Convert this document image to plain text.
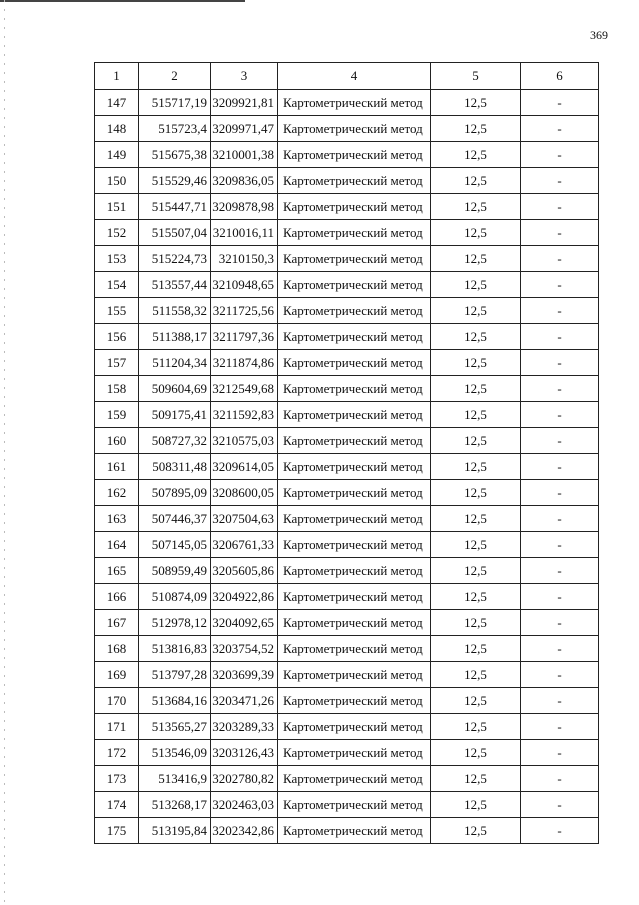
369
1	2	3	4	5	6
147	515717,19	3209921,81	Картометрический метод	12,5	-
148	515723,4	3209971,47	Картометрический метод	12,5	-
149	515675,38	3210001,38	Картометрический метод	12,5	-
150	515529,46	3209836,05	Картометрический метод	12,5	-
151	515447,71	3209878,98	Картометрический метод	12,5	-
152	515507,04	3210016,11	Картометрический метод	12,5	-
153	515224,73	3210150,3	Картометрический метод	12,5	-
154	513557,44	3210948,65	Картометрический метод	12,5	-
155	511558,32	3211725,56	Картометрический метод	12,5	-
156	511388,17	3211797,36	Картометрический метод	12,5	-
157	511204,34	3211874,86	Картометрический метод	12,5	-
158	509604,69	3212549,68	Картометрический метод	12,5	-
159	509175,41	3211592,83	Картометрический метод	12,5	-
160	508727,32	3210575,03	Картометрический метод	12,5	-
161	508311,48	3209614,05	Картометрический метод	12,5	-
162	507895,09	3208600,05	Картометрический метод	12,5	-
163	507446,37	3207504,63	Картометрический метод	12,5	-
164	507145,05	3206761,33	Картометрический метод	12,5	-
165	508959,49	3205605,86	Картометрический метод	12,5	-
166	510874,09	3204922,86	Картометрический метод	12,5	-
167	512978,12	3204092,65	Картометрический метод	12,5	-
168	513816,83	3203754,52	Картометрический метод	12,5	-
169	513797,28	3203699,39	Картометрический метод	12,5	-
170	513684,16	3203471,26	Картометрический метод	12,5	-
171	513565,27	3203289,33	Картометрический метод	12,5	-
172	513546,09	3203126,43	Картометрический метод	12,5	-
173	513416,9	3202780,82	Картометрический метод	12,5	-
174	513268,17	3202463,03	Картометрический метод	12,5	-
175	513195,84	3202342,86	Картометрический метод	12,5	-
